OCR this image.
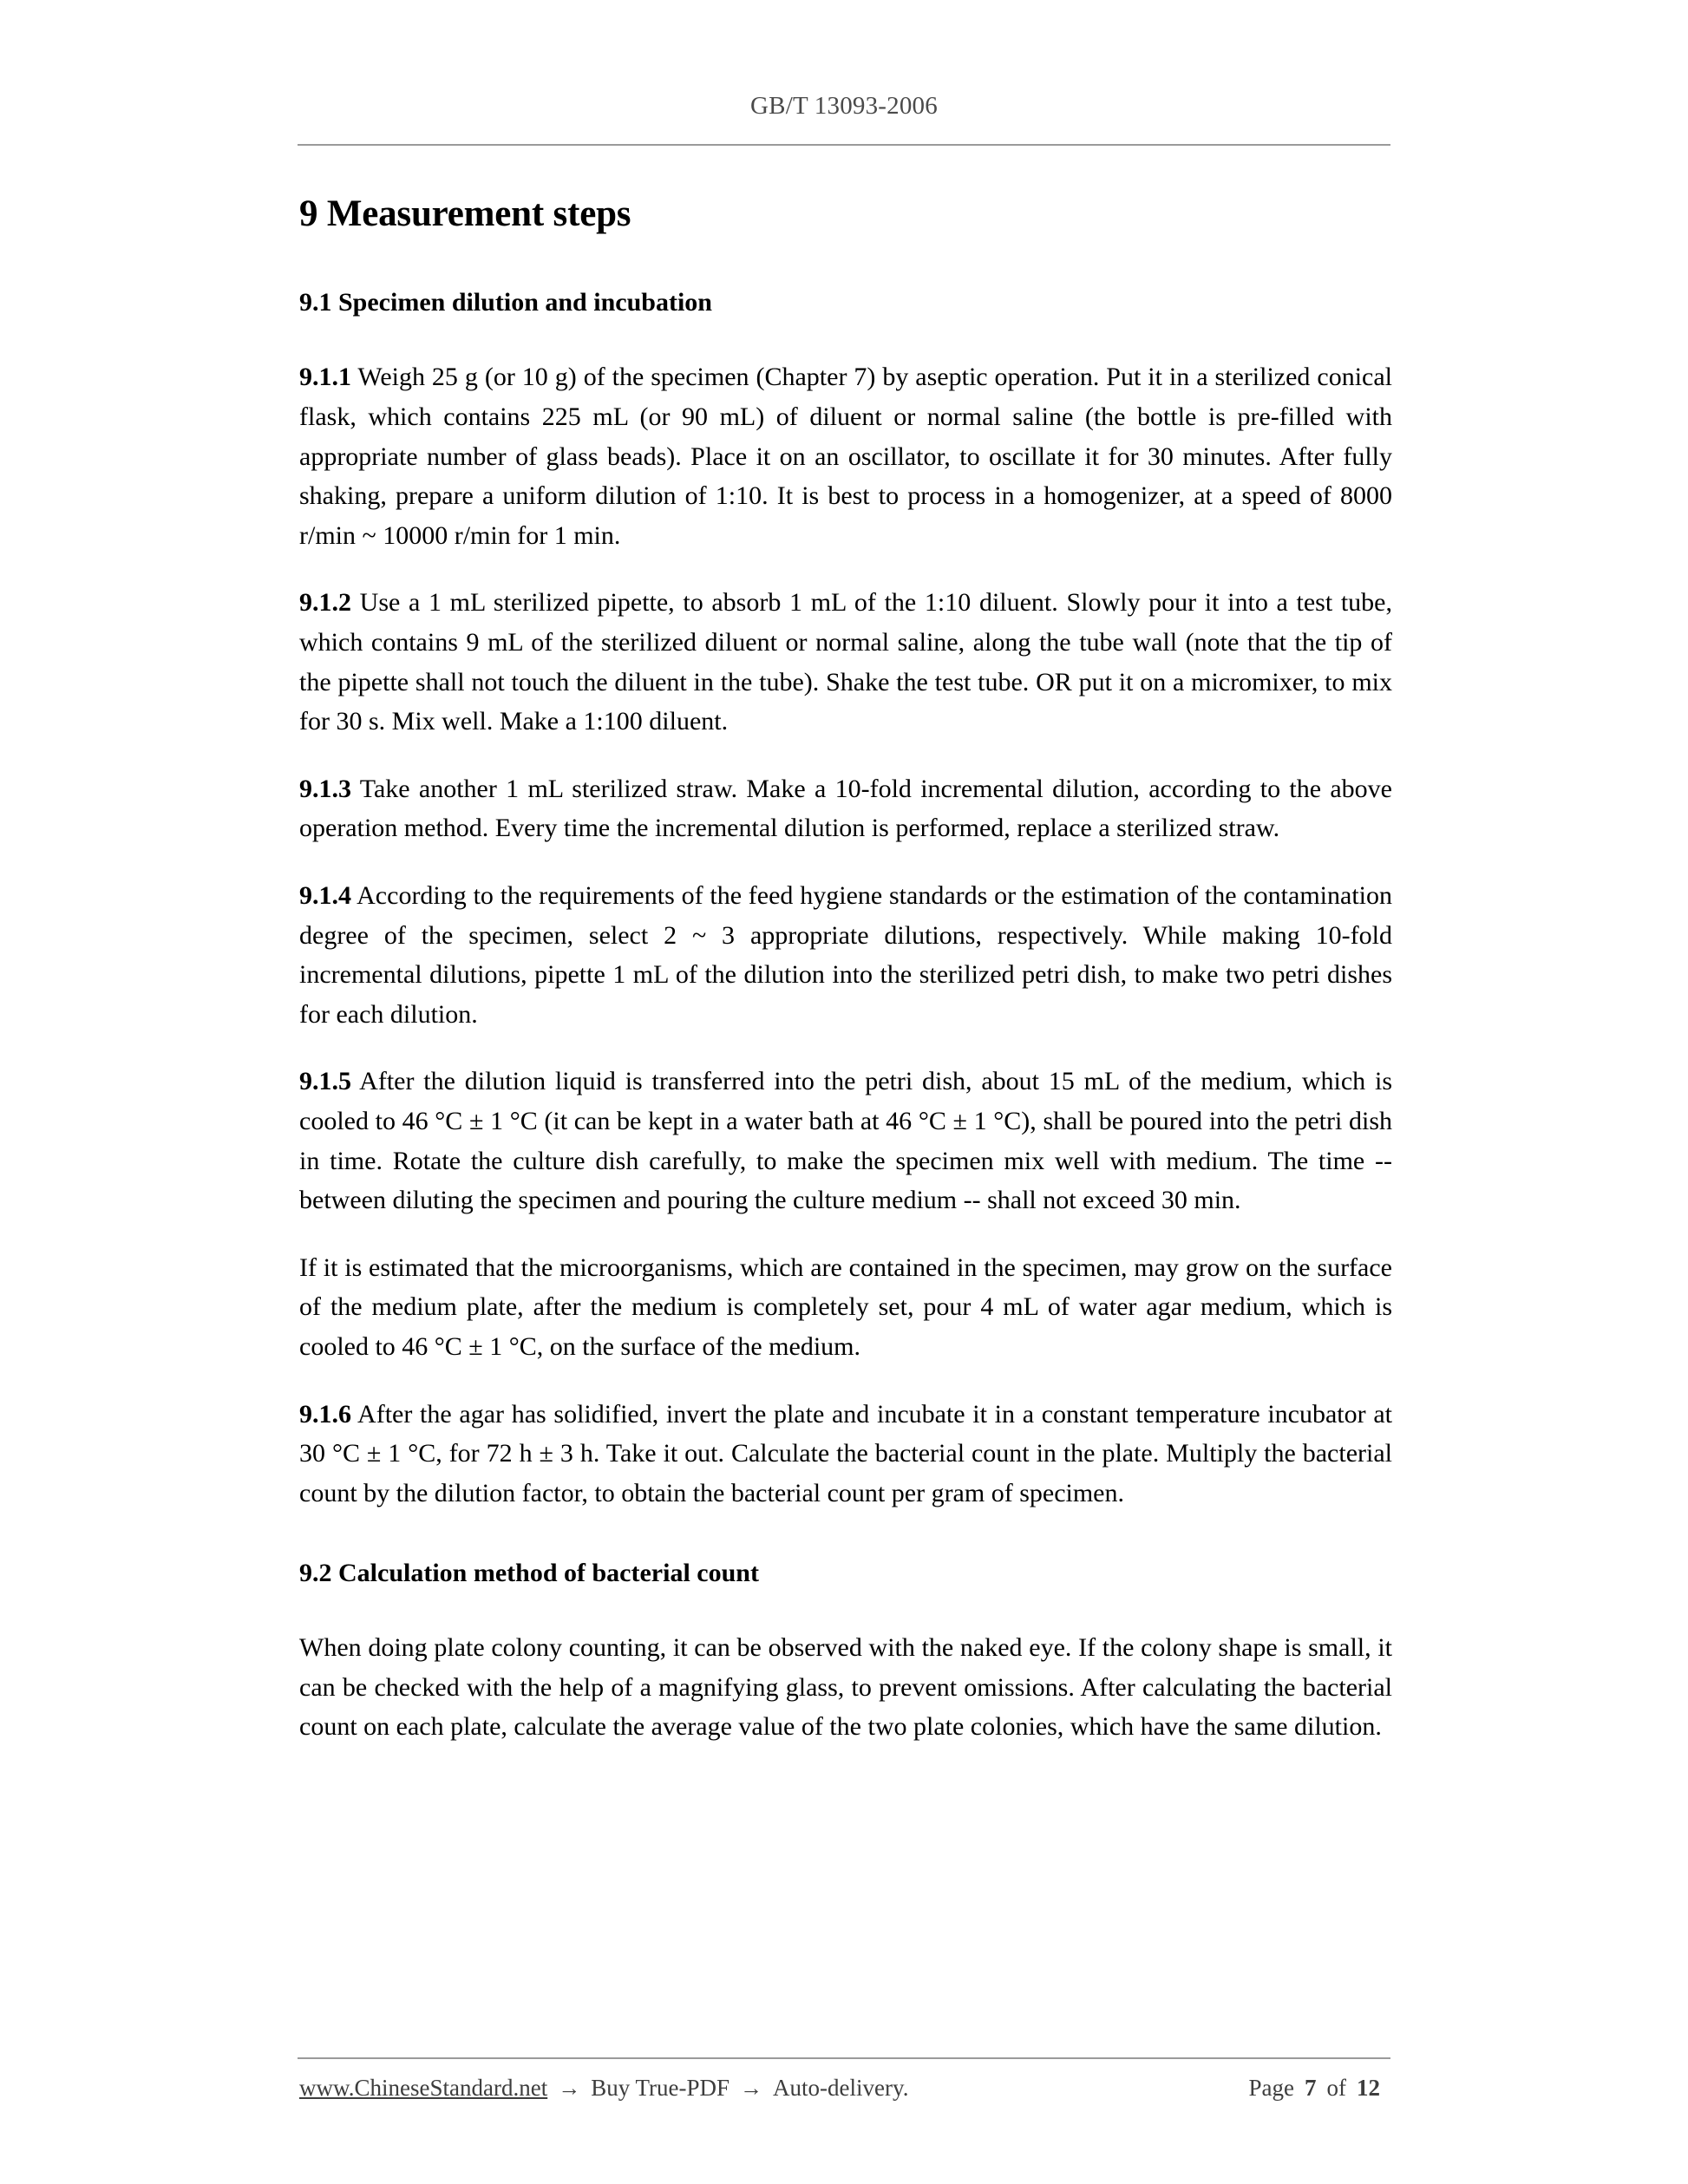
GB/T 13093-2006
9 Measurement steps
9.1 Specimen dilution and incubation

9.1.1 Weigh 25 g (or 10 g) of the specimen (Chapter 7) by aseptic operation. Put it in a sterilized conical flask, which contains 225 mL (or 90 mL) of diluent or normal saline (the bottle is pre-filled with appropriate number of glass beads). Place it on an oscillator, to oscillate it for 30 minutes. After fully shaking, prepare a uniform dilution of 1:10. It is best to process in a homogenizer, at a speed of 8000 r/min ~ 10000 r/min for 1 min.

9.1.2 Use a 1 mL sterilized pipette, to absorb 1 mL of the 1:10 diluent. Slowly pour it into a test tube, which contains 9 mL of the sterilized diluent or normal saline, along the tube wall (note that the tip of the pipette shall not touch the diluent in the tube). Shake the test tube. OR put it on a micromixer, to mix for 30 s. Mix well. Make a 1:100 diluent.

9.1.3 Take another 1 mL sterilized straw. Make a 10-fold incremental dilution, according to the above operation method. Every time the incremental dilution is performed, replace a sterilized straw.

9.1.4 According to the requirements of the feed hygiene standards or the estimation of the contamination degree of the specimen, select 2 ~ 3 appropriate dilutions, respectively. While making 10-fold incremental dilutions, pipette 1 mL of the dilution into the sterilized petri dish, to make two petri dishes for each dilution.

9.1.5 After the dilution liquid is transferred into the petri dish, about 15 mL of the medium, which is cooled to 46 °C ± 1 °C (it can be kept in a water bath at 46 °C ± 1 °C), shall be poured into the petri dish in time. Rotate the culture dish carefully, to make the specimen mix well with medium. The time -- between diluting the specimen and pouring the culture medium -- shall not exceed 30 min.

If it is estimated that the microorganisms, which are contained in the specimen, may grow on the surface of the medium plate, after the medium is completely set, pour 4 mL of water agar medium, which is cooled to 46 °C ± 1 °C, on the surface of the medium.

9.1.6 After the agar has solidified, invert the plate and incubate it in a constant temperature incubator at 30 °C ± 1 °C, for 72 h ± 3 h. Take it out. Calculate the bacterial count in the plate. Multiply the bacterial count by the dilution factor, to obtain the bacterial count per gram of specimen.

9.2 Calculation method of bacterial count

When doing plate colony counting, it can be observed with the naked eye. If the colony shape is small, it can be checked with the help of a magnifying glass, to prevent omissions. After calculating the bacterial count on each plate, calculate the average value of the two plate colonies, which have the same dilution.

www.ChineseStandard.net → Buy True-PDF → Auto-delivery.	Page 7 of 12
